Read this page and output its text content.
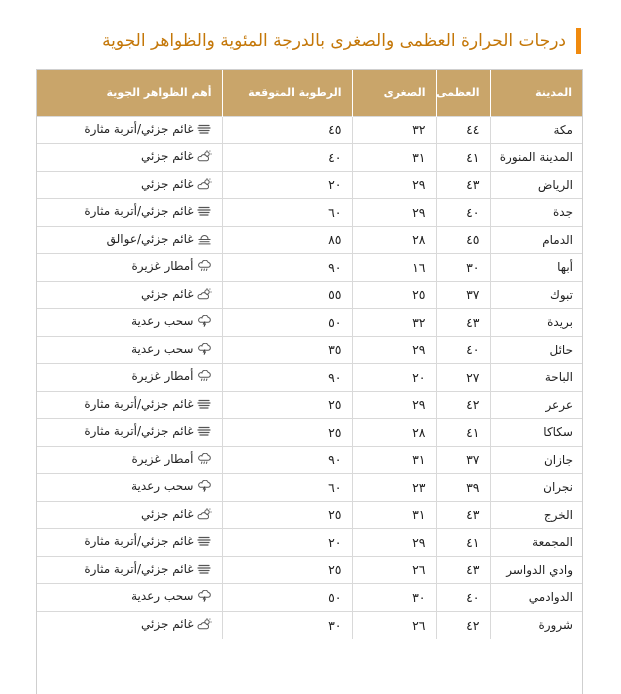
درجات الحرارة العظمى والصغرى بالدرجة المئوية والظواهر الجوية
المدينة	العظمى	الصغرى	الرطوبة المتوقعة	أهم الظواهر الجوية
مكة	٤٤	٣٢	٤٥	غائم جزئي/أتربة مثارة

المدينة المنورة	٤١	٣١	٤٠	غائم جزئي

الرياض	٤٣	٢٩	٢٠	غائم جزئي

جدة	٤٠	٢٩	٦٠	غائم جزئي/أتربة مثارة

الدمام	٤٥	٢٨	٨٥	غائم جزئي/عوالق

أبها	٣٠	١٦	٩٠	أمطار غزيرة

تبوك	٣٧	٢٥	٥٥	غائم جزئي

بريدة	٤٣	٣٢	٥٠	سحب رعدية

حائل	٤٠	٢٩	٣٥	سحب رعدية

الباحة	٢٧	٢٠	٩٠	أمطار غزيرة

عرعر	٤٢	٢٩	٢٥	غائم جزئي/أتربة مثارة

سكاكا	٤١	٢٨	٢٥	غائم جزئي/أتربة مثارة

جازان	٣٧	٣١	٩٠	أمطار غزيرة

نجران	٣٩	٢٣	٦٠	سحب رعدية

الخرج	٤٣	٣١	٢٥	غائم جزئي

المجمعة	٤١	٢٩	٢٠	غائم جزئي/أتربة مثارة

وادي الدواسر	٤٣	٢٦	٢٥	غائم جزئي/أتربة مثارة

الدوادمي	٤٠	٣٠	٥٠	سحب رعدية

شرورة	٤٢	٢٦	٣٠	غائم جزئي
